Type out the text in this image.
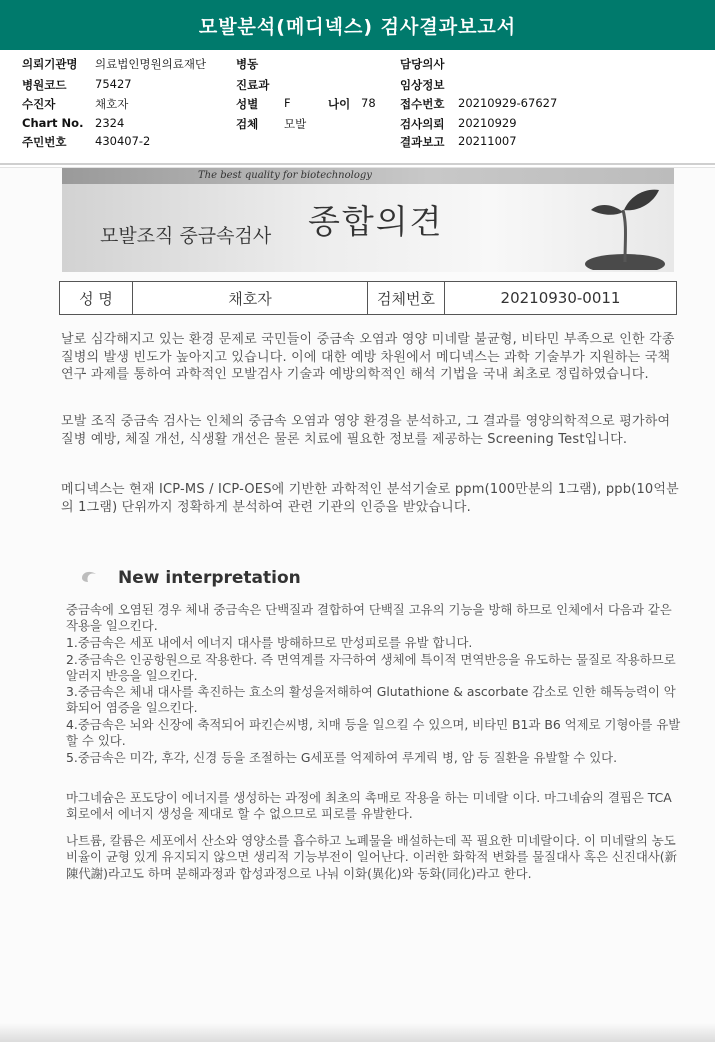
모발분석(메디넥스) 검사결과보고서
의뢰기관명 의료법인명원의료재단
병원코드 75427
수진자	채호자
Chart No. 2324
주민번호 430407-2
병동
진료과
성별 F	나이 78
검체 모발
담당의사
임상정보
접수번호 20210929-67627
검사의뢰 20210929
결과보고 20211007
The best quality for biotechnology
모발조직 중금속검사 종합의견
성 명	채호자	검체번호	20210930-0011
날로 심각해지고 있는 환경 문제로 국민들이 중금속 오염과 영양 미네랄 불균형, 비타민 부족으로 인한 각종 질병의 발생 빈도가 높아지고 있습니다. 이에 대한 예방 차원에서 메디넥스는 과학 기술부가 지원하는 국책 연구 과제를 통하여 과학적인 모발검사 기술과 예방의학적인 해석 기법을 국내 최초로 정립하였습니다.
모발 조직 중금속 검사는 인체의 중금속 오염과 영양 환경을 분석하고, 그 결과를 영양의학적으로 평가하여 질병 예방, 체질 개선, 식생활 개선은 물론 치료에 필요한 정보를 제공하는 Screening Test입니다.
메디넥스는 현재 ICP-MS / ICP-OES에 기반한 과학적인 분석기술로 ppm(100만분의 1그램), ppb(10억분의 1그램) 단위까지 정확하게 분석하여 관련 기관의 인증을 받았습니다.
New interpretation
중금속에 오염된 경우 체내 중금속은 단백질과 결합하여 단백질 고유의 기능을 방해 하므로 인체에서 다음과 같은 작용을 일으킨다.
1.중금속은 세포 내에서 에너지 대사를 방해하므로 만성피로를 유발 합니다.
2.중금속은 인공항원으로 작용한다. 즉 면역계를 자극하여 생체에 특이적 면역반응을 유도하는 물질로 작용하므로 알러지 반응을 일으킨다.
3.중금속은 체내 대사를 촉진하는 효소의 활성을저해하여 Glutathione & ascorbate 감소로 인한 해독능력이 악화되어 염증을 일으킨다.
4.중금속은 뇌와 신장에 축적되어 파킨슨씨병, 치매 등을 일으킬 수 있으며, 비타민 B1과 B6 억제로 기형아를 유발할 수 있다.
5.중금속은 미각, 후각, 신경 등을 조절하는 G세포를 억제하여 루게릭 병, 암 등 질환을 유발할 수 있다.
마그네슘은 포도당이 에너지를 생성하는 과정에 최초의 촉매로 작용을 하는 미네랄 이다. 마그네슘의 결핍은 TCA 회로에서 에너지 생성을 제대로 할 수 없으므로 피로를 유발한다.
나트륨, 칼륨은 세포에서 산소와 영양소를 흡수하고 노폐물을 배설하는데 꼭 필요한 미네랄이다. 이 미네랄의 농도 비율이 균형 있게 유지되지 않으면 생리적 기능부전이 일어난다. 이러한 화학적 변화를 물질대사 혹은 신진대사(新陳代謝)라고도 하며 분해과정과 합성과정으로 나눠 이화(異化)와 동화(同化)라고 한다.
